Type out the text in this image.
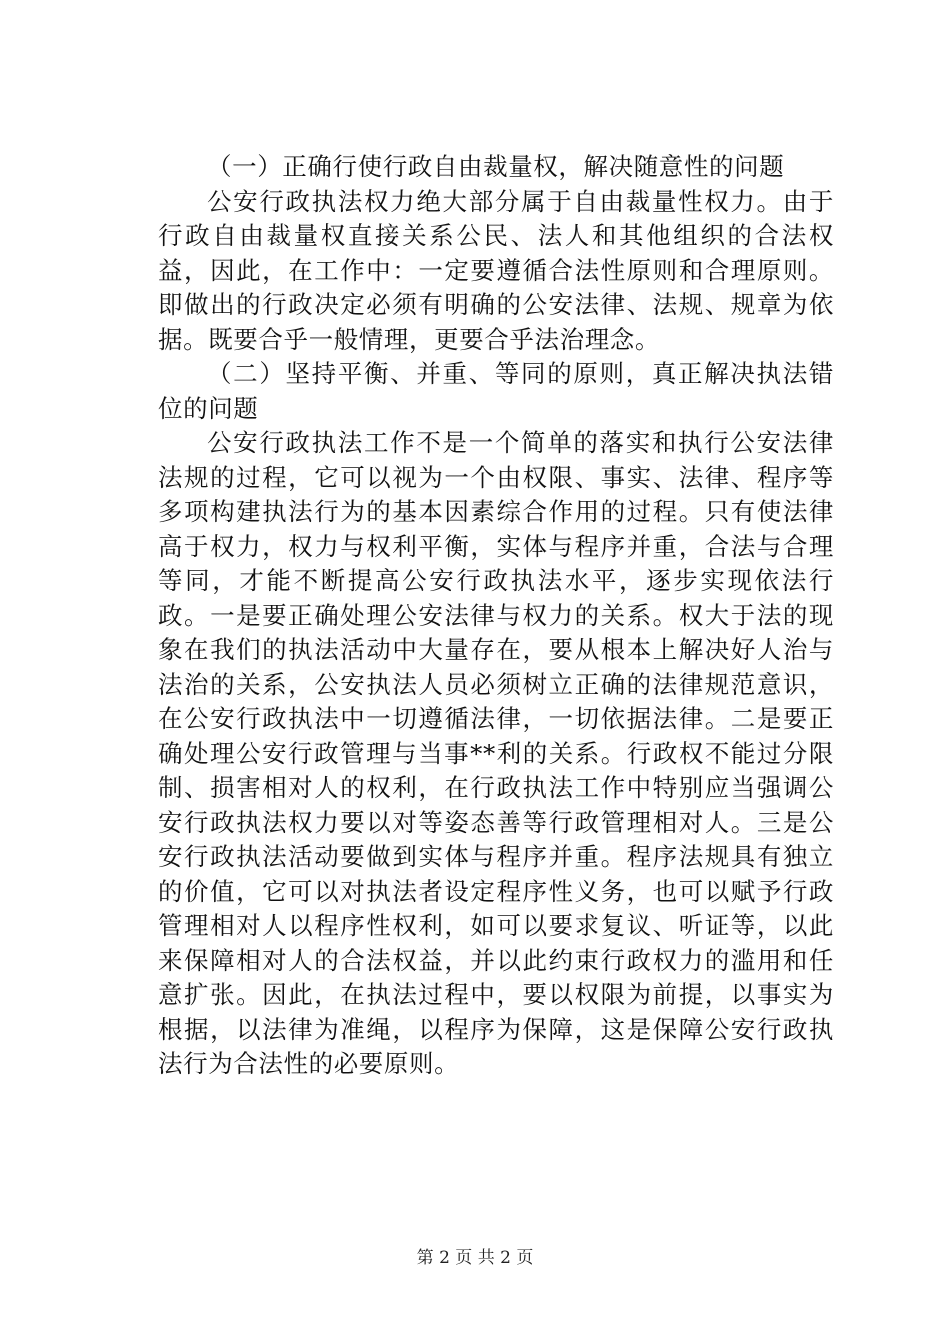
（一）正确行使行政自由裁量权，解决随意性的问题

公安行政执法权力绝大部分属于自由裁量性权力。由于行政自由裁量权直接关系公民、法人和其他组织的合法权益，因此，在工作中：一定要遵循合法性原则和合理原则。即做出的行政决定必须有明确的公安法律、法规、规章为依据。既要合乎一般情理，更要合乎法治理念。

（二）坚持平衡、并重、等同的原则，真正解决执法错位的问题

公安行政执法工作不是一个简单的落实和执行公安法律法规的过程，它可以视为一个由权限、事实、法律、程序等多项构建执法行为的基本因素综合作用的过程。只有使法律高于权力，权力与权利平衡，实体与程序并重，合法与合理等同，才能不断提高公安行政执法水平，逐步实现依法行政。一是要正确处理公安法律与权力的关系。权大于法的现象在我们的执法活动中大量存在，要从根本上解决好人治与法治的关系，公安执法人员必须树立正确的法律规范意识，在公安行政执法中一切遵循法律，一切依据法律。二是要正确处理公安行政管理与当事**利的关系。行政权不能过分限制、损害相对人的权利，在行政执法工作中特别应当强调公安行政执法权力要以对等姿态善等行政管理相对人。三是公安行政执法活动要做到实体与程序并重。程序法规具有独立的价值，它可以对执法者设定程序性义务，也可以赋予行政管理相对人以程序性权利，如可以要求复议、听证等，以此来保障相对人的合法权益，并以此约束行政权力的滥用和任意扩张。因此，在执法过程中，要以权限为前提，以事实为根据，以法律为准绳，以程序为保障，这是保障公安行政执法行为合法性的必要原则。

第 2 页 共 2 页
